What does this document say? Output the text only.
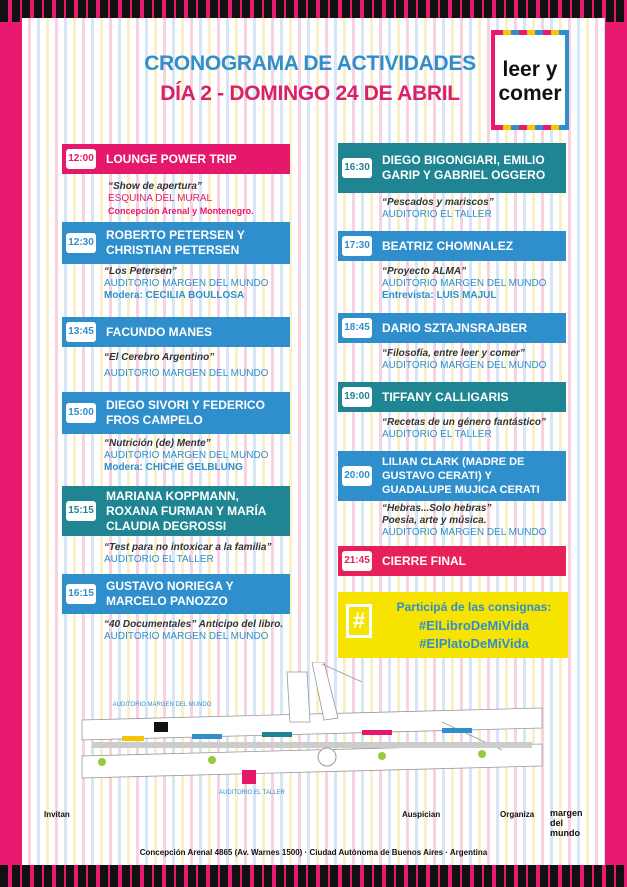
CRONOGRAMA DE ACTIVIDADES
DÍA 2 - DOMINGO 24 DE ABRIL
leer y
comer
12:00 LOUNGE POWER TRIP
“Show de apertura”
ESQUINA DEL MURAL
Concepción Arenal y Montenegro.
12:30
ROBERTO PETERSEN Y CHRISTIAN PETERSEN
“Los Petersen”
AUDITORIO MARGEN DEL MUNDO
Modera: CECILIA BOULLOSA
13:45 FACUNDO MANES
“El Cerebro Argentino”
AUDITORIO MARGEN DEL MUNDO
15:00
DIEGO SIVORI Y FEDERICO FROS CAMPELO
“Nutrición (de) Mente”
AUDITORIO MARGEN DEL MUNDO
Modera: CHICHE GELBLUNG
15:15
MARIANA KOPPMANN, ROXANA FURMAN Y MARÍA CLAUDIA DEGROSSI
“Test para no intoxicar a la familia”
AUDITORIO EL TALLER
16:15
GUSTAVO NORIEGA Y MARCELO PANOZZO
“40 Documentales” Anticipo del libro.
AUDITORIO MARGEN DEL MUNDO
16:30
DIEGO BIGONGIARI, EMILIO GARIP Y GABRIEL OGGERO
“Pescados y mariscos”
AUDITORIO EL TALLER
17:30 BEATRIZ CHOMNALEZ
“Proyecto ALMA”
AUDITORIO MARGEN DEL MUNDO
Entrevista: LUIS MAJUL
18:45 DARIO SZTAJNSRAJBER
“Filosofía, entre leer y comer”
AUDITORIO MARGEN DEL MUNDO
19:00 TIFFANY CALLIGARIS
“Recetas de un género fantástico”
AUDITORIO EL TALLER
20:00
LILIAN CLARK (MADRE DE GUSTAVO CERATI) Y GUADALUPE MUJICA CERATI
“Hebras...Solo hebras”
Poesía, arte y música.
AUDITORIO MARGEN DEL MUNDO
21:45 CIERRE FINAL
#
Participá de las consignas:
#ElLibroDeMiVida
#ElPlatoDeMiVida
AUDITORIO MARGEN DEL MUNDO
AUDITORIO EL TALLER
Invitan	Auspician	Organiza margen del mundo
Concepción Arenal 4865 (Av. Warnes 1500) · Ciudad Autónoma de Buenos Aires · Argentina
